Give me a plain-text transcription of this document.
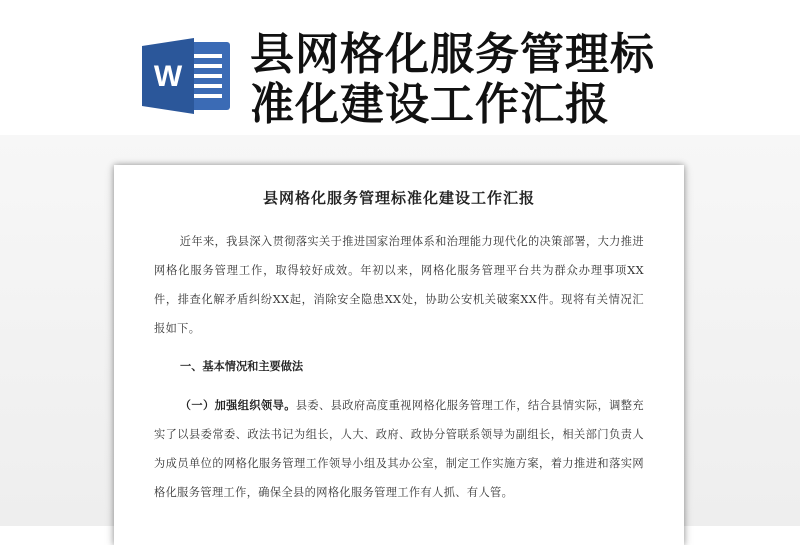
W 县网格化服务管理标
准化建设工作汇报
县网格化服务管理标准化建设工作汇报

近年来，我县深入贯彻落实关于推进国家治理体系和治理能力现代化的决策部署，大力推进网格化服务管理工作，取得较好成效。年初以来，网格化服务管理平台共为群众办理事项XX件，排查化解矛盾纠纷XX起，消除安全隐患XX处，协助公安机关破案XX件。现将有关情况汇报如下。

一、基本情况和主要做法

（一）加强组织领导。县委、县政府高度重视网格化服务管理工作，结合县情实际，调整充实了以县委常委、政法书记为组长，人大、政府、政协分管联系领导为副组长，相关部门负责人为成员单位的网格化服务管理工作领导小组及其办公室，制定工作实施方案，着力推进和落实网格化服务管理工作，确保全县的网格化服务管理工作有人抓、有人管。
